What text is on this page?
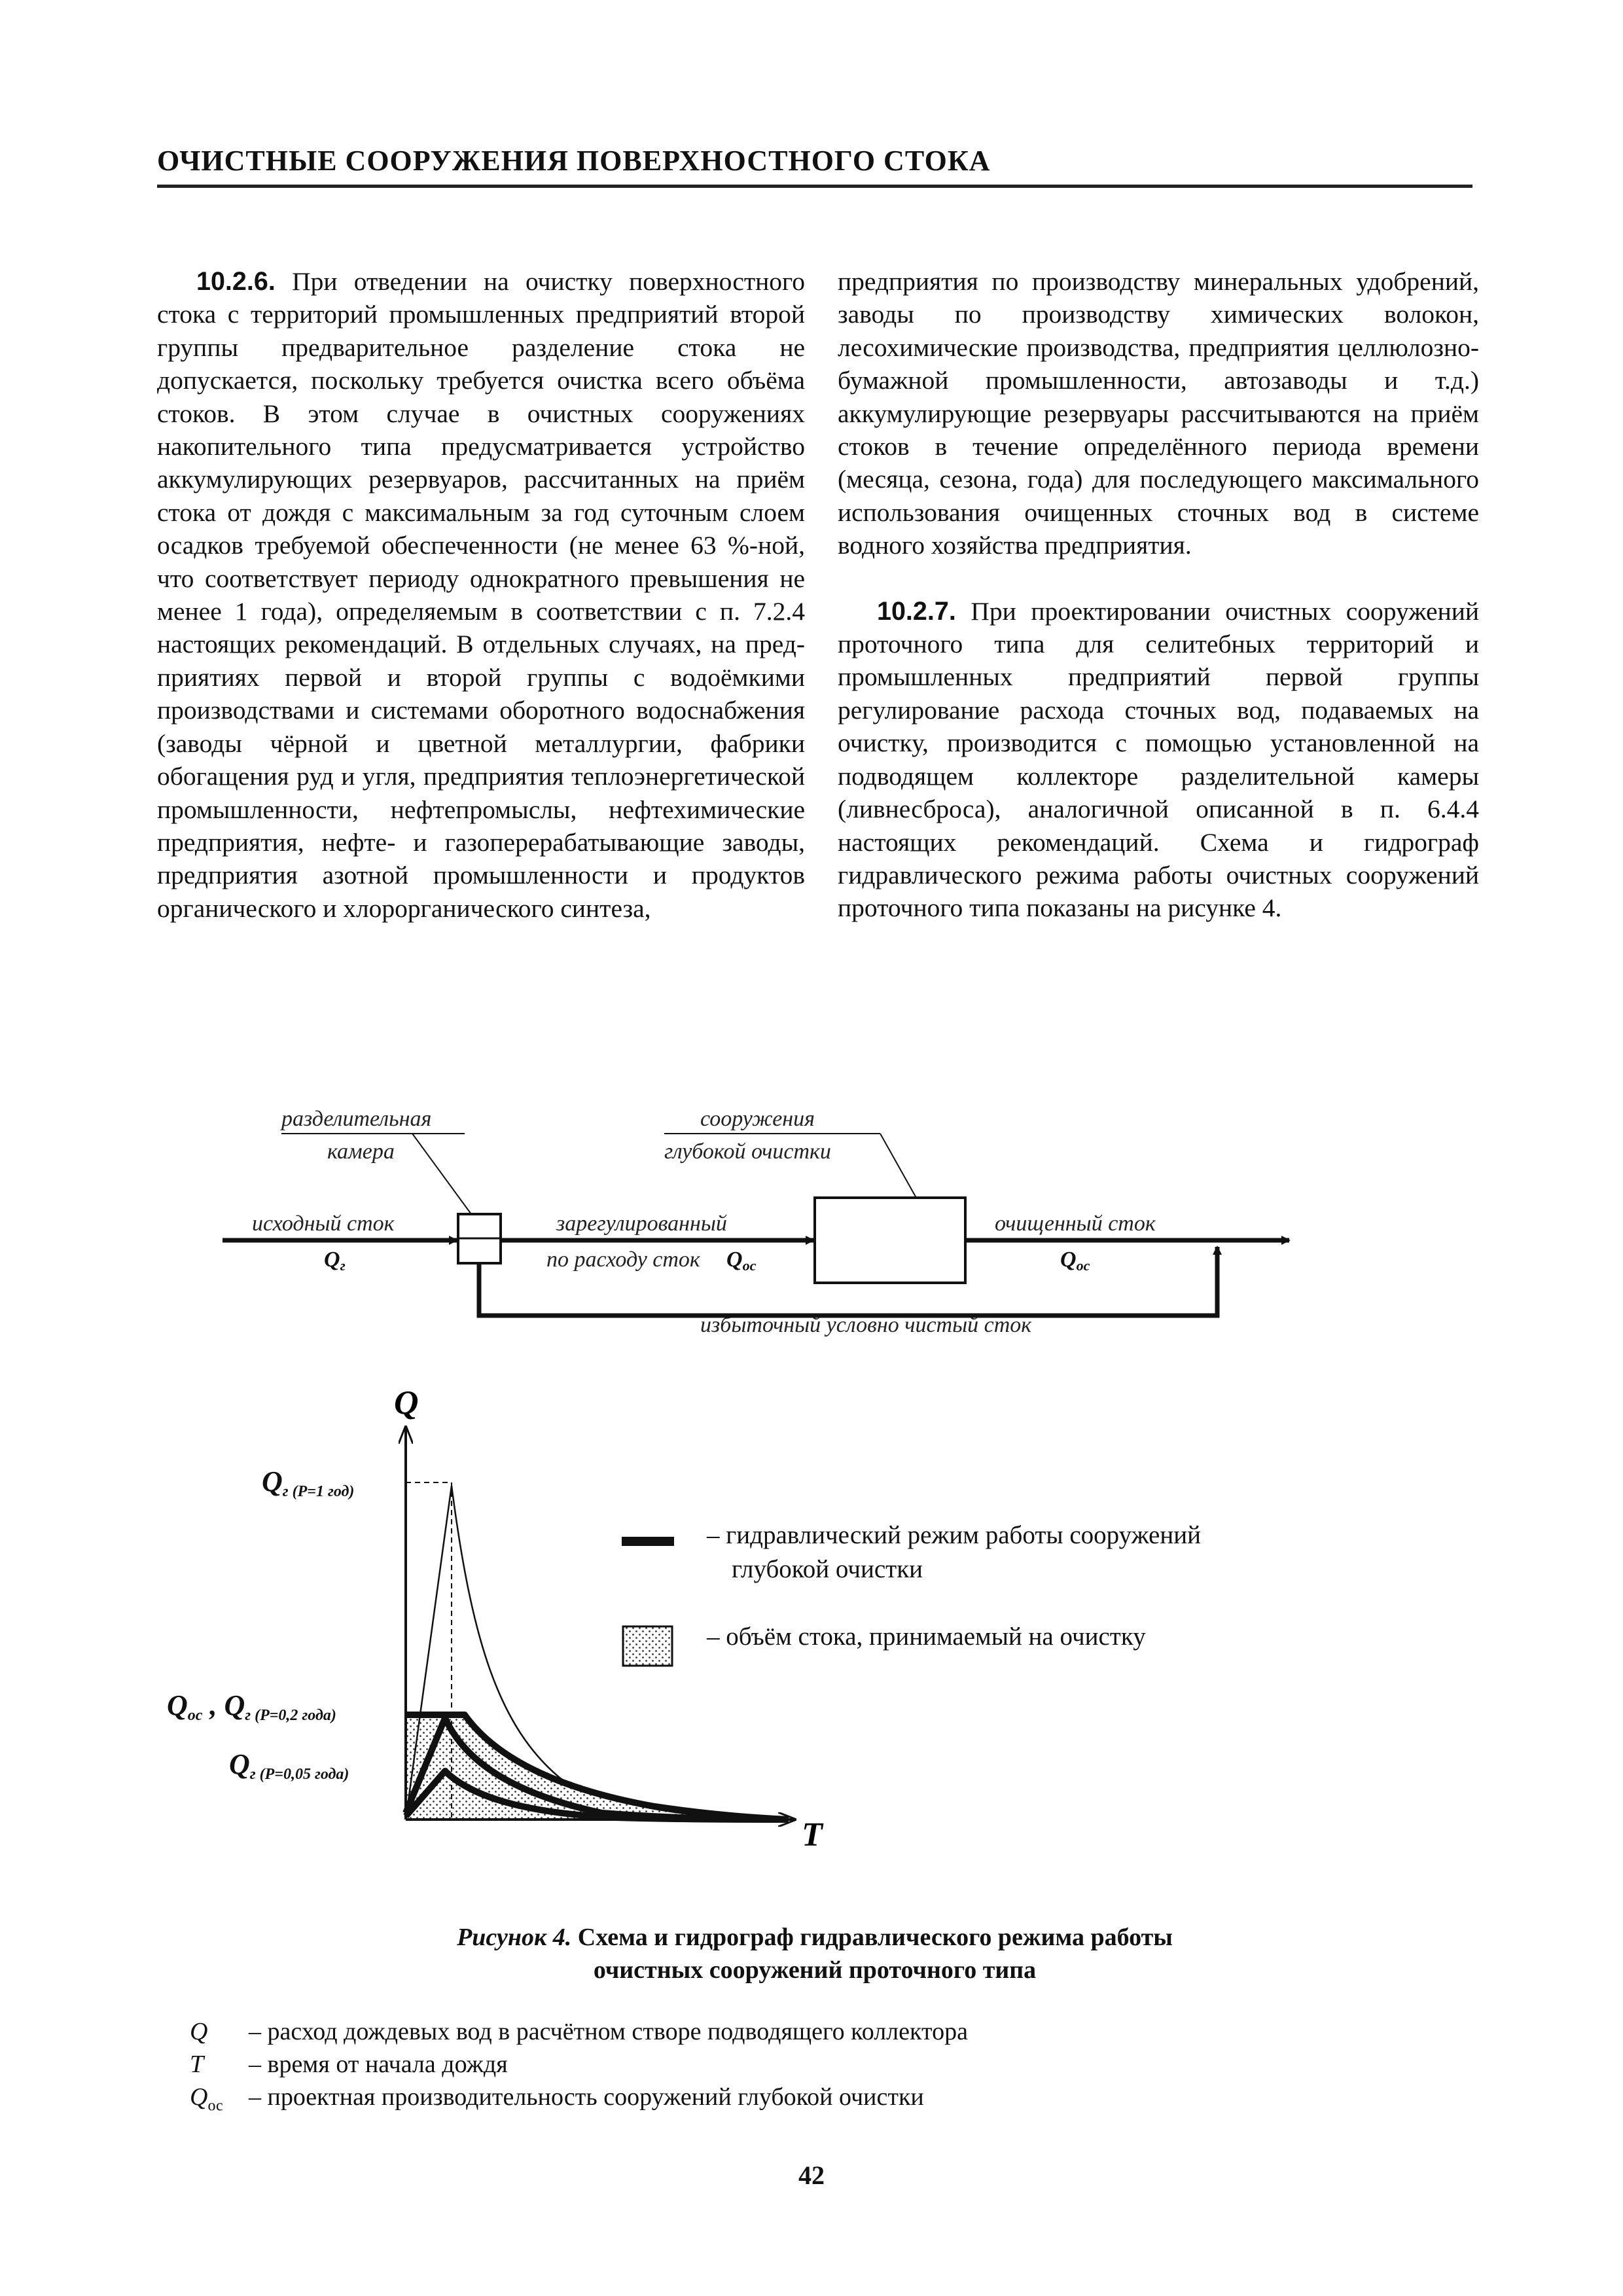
ОЧИСТНЫЕ СООРУЖЕНИЯ ПОВЕРХНОСТНОГО СТОКА

10.2.6. При отведении на очистку поверхностного стока с территорий промышленных предприятий второй группы предварительное разделение стока не допускается, поскольку требуется очистка всего объёма стоков. В этом случае в очистных сооружениях накопительного типа предусматривается устройство аккумулирующих резервуаров, рассчитанных на приём стока от дождя с максимальным за год суточным слоем осадков требуемой обеспеченности (не менее 63 %-ной, что соответствует периоду однократного превышения не менее 1 года), определяемым в соответствии с п. 7.2.4 настоящих рекомендаций. В отдельных случаях, на предприятиях первой и второй группы с водоёмкими производствами и системами оборотного водоснабжения (заводы чёрной и цветной металлургии, фабрики обогащения руд и угля, предприятия теплоэнергетической промышленности, нефтепромыслы, нефтехимические предприятия, нефте- и газоперерабатывающие заводы, предприятия азотной промышленности и продуктов органического и хлорорганического синтеза,

предприятия по производству минеральных удобрений, заводы по производству химических волокон, лесохимические производства, предприятия целлюлозно-бумажной промышленности, автозаводы и т.д.) аккумулирующие резервуары рассчитываются на приём стоков в течение определённого периода времени (месяца, сезона, года) для последующего максимального использования очищенных сточных вод в системе водного хозяйства предприятия.

10.2.7. При проектировании очистных сооружений проточного типа для селитебных территорий и промышленных предприятий первой группы регулирование расхода сточных вод, подаваемых на очистку, производится с помощью установленной на подводящем коллекторе разделительной камеры (ливнесброса), аналогичной описанной в п. 6.4.4 настоящих рекомендаций. Схема и гидрограф гидравлического режима работы очистных сооружений проточного типа показаны на рисунке 4.

разделительная
камера
сооружения
глубокой очистки
исходный сток	зарегулированный
по расходу сток
очищенный сток
избыточный условно чистый сток
Qг	Qос	Qос
Q
T
Qг (P=1 год)
Qос , Qг (P=0,2 года)
Qг (P=0,05 года)
– гидравлический режим работы сооружений
глубокой очистки
– объём стока, принимаемый на очистку
Рисунок 4. Схема и гидрограф гидравлического режима работы
очистных сооружений проточного типа
Q – расход дождевых вод в расчётном створе подводящего коллектора
T – время от начала дождя
$Q_{ос}$ – проектная производительность сооружений глубокой очистки
42
